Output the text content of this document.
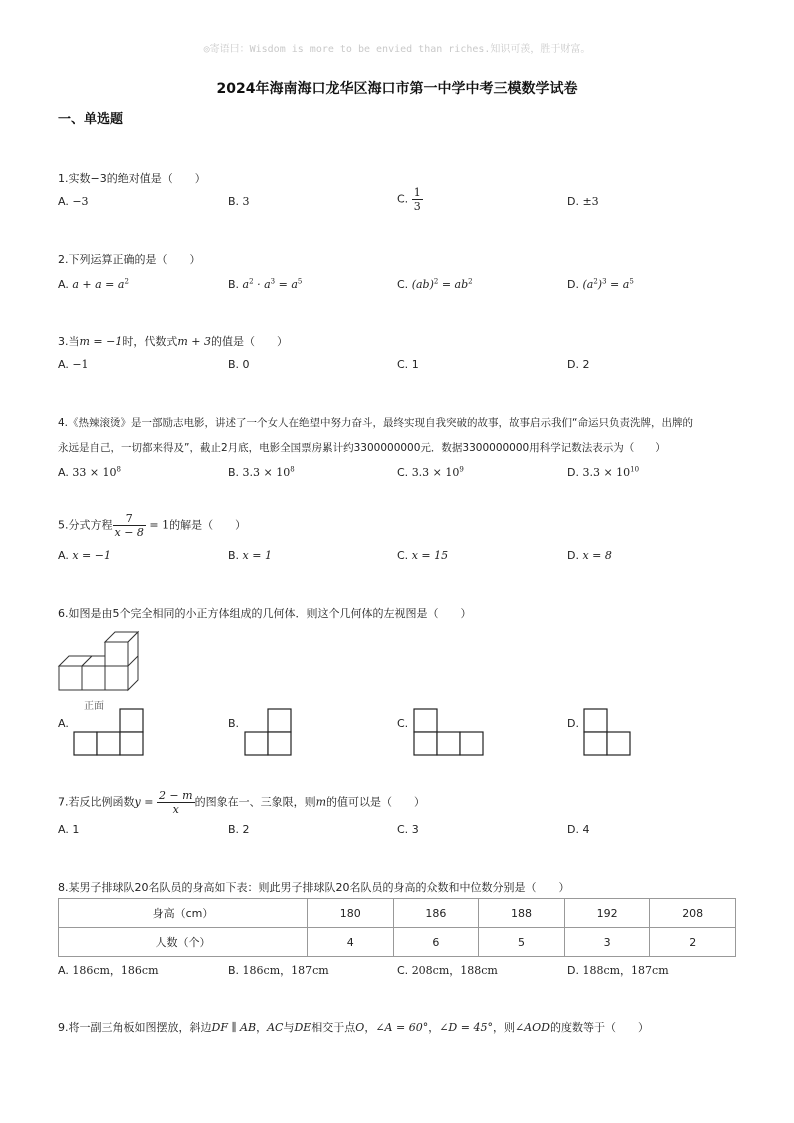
◎寄语曰：Wisdom is more to be envied than riches.知识可羡，胜于财富。
2024年海南海口龙华区海口市第一中学中考三模数学试卷
一、单选题
1.实数−3的绝对值是（　　）
A. −3	B. 3	C. $\frac{1}{3}$	D. ±3
2.下列运算正确的是（　　）
A. $a + a = a^2$	B. $a^2 \cdot a^3 = a^5$	C. $(ab)^2 = ab^2$	D. $(a^2)^3 = a^5$
3.当m = −1时，代数式m + 3的值是（　　）
A. −1	B. 0	C. 1	D. 2
4.《热辣滚烫》是一部励志电影，讲述了一个女人在绝望中努力奋斗，最终实现自我突破的故事，故事启示我们“命运只负责洗牌，出牌的
永远是自己，一切都来得及”，截止2月底，电影全国票房累计约3300000000元．数据3300000000用科学记数法表示为（　　）
A. $33 \times 10^8$	B. $3.3 \times 10^8$	C. $3.3 \times 10^9$	D. $3.3 \times 10^{10}$
5.分式方程 $\frac{7}{x - 8} = 1$的解是（　　）
A. x = −1	B. x = 1	C. x = 15	D. x = 8
6.如图是由5个完全相同的小正方体组成的几何体．则这个几何体的左视图是（　　）
正面
A.	B.	C.	D.
7.若反比例函数$y = \frac{2 - m}{x}$ 的图象在一、三象限，则m的值可以是（　　）
A. 1	B. 2	C. 3	D. 4
8.某男子排球队20名队员的身高如下表：则此男子排球队20名队员的身高的众数和中位数分别是（　　）
身高（cm）	180	186	188	192	208
人数（个）	4	6	5	3	2
A. 186cm，186cm	B. 186cm，187cm	C. 208cm，188cm	D. 188cm，187cm
9.将一副三角板如图摆放，斜边DF ∥ AB，AC与DE相交于点O，∠A = 60°，∠D = 45°，则∠AOD的度数等于（　　）
